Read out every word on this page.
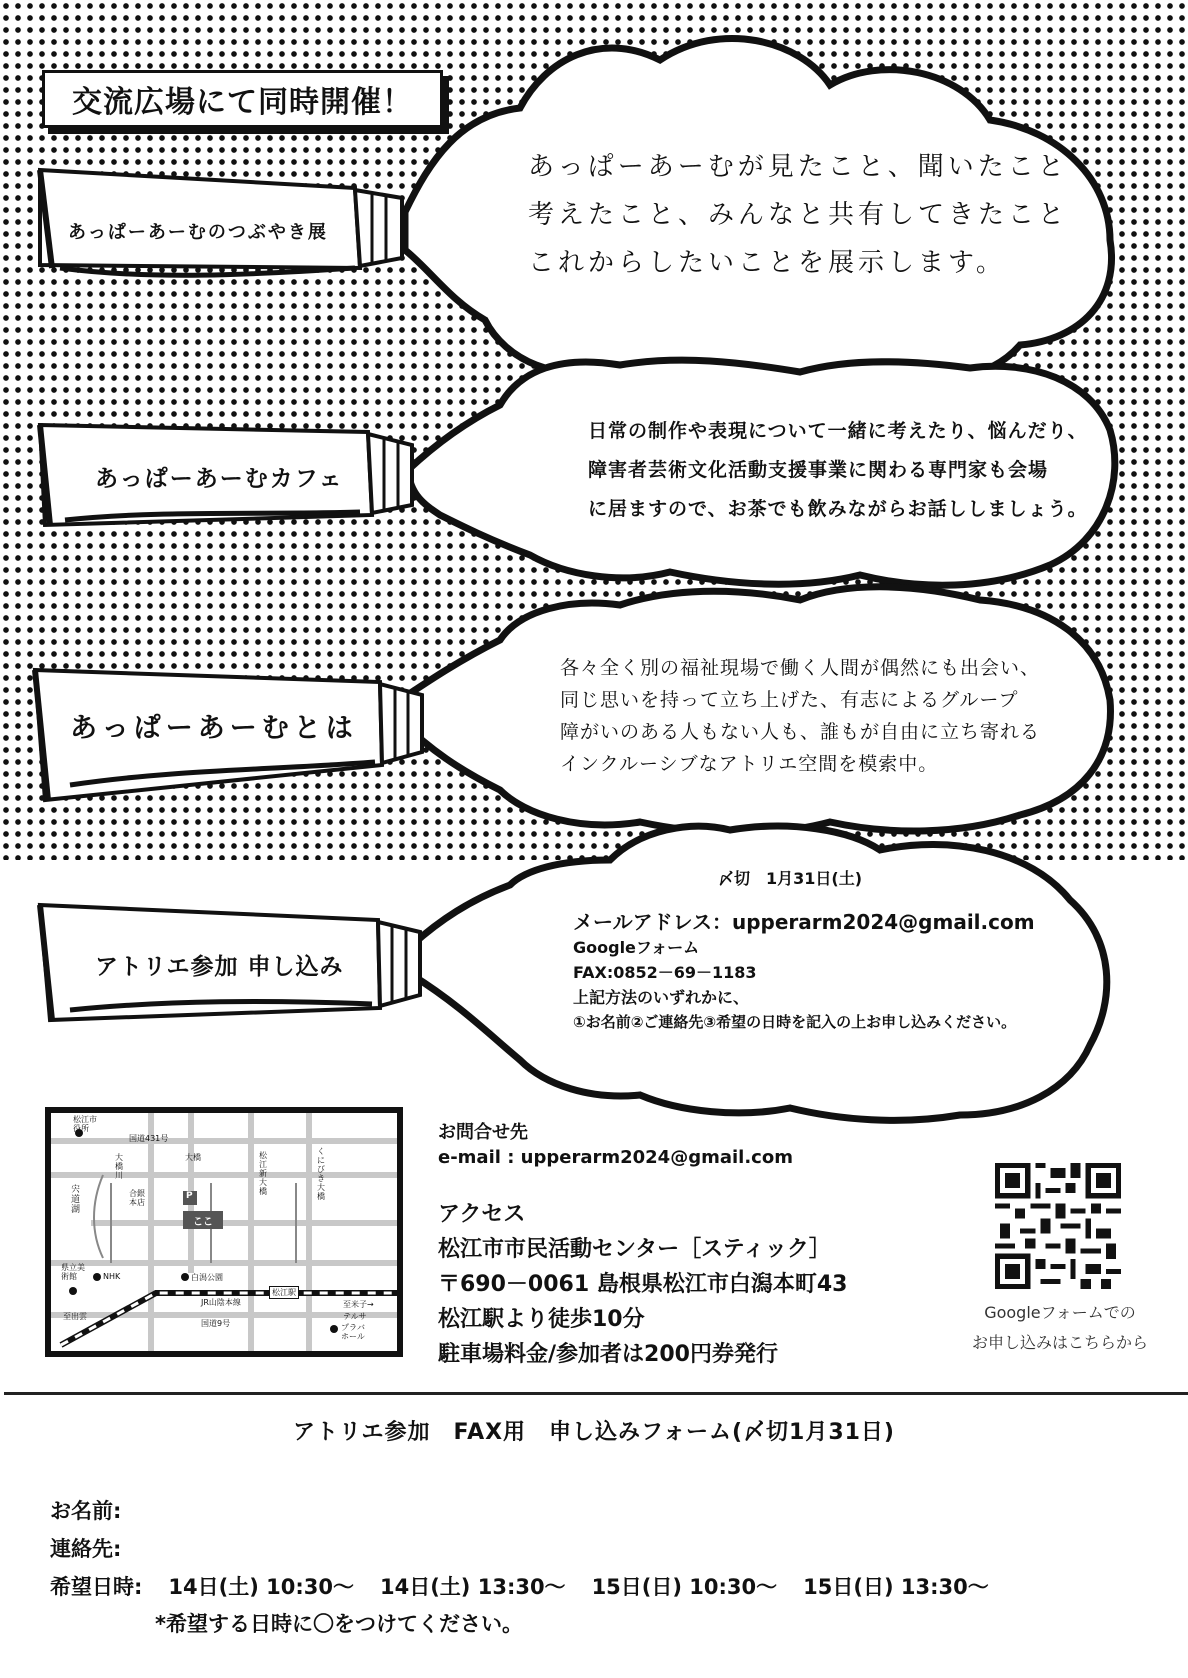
交流広場にて同時開催！
あっぱーあーむのつぶやき展
あっぱーあーむカフェ
あっぱーあーむとは
アトリエ参加 申し込み
あっぱーあーむが見たこと、聞いたこと
考えたこと、みんなと共有してきたこと
これからしたいことを展示します。
日常の制作や表現について一緒に考えたり、悩んだり、
障害者芸術文化活動支援事業に関わる専門家も会場
に居ますので、お茶でも飲みながらお話ししましょう。
各々全く別の福祉現場で働く人間が偶然にも出会い、
同じ思いを持って立ち上げた、有志によるグループ
障がいのある人もない人も、誰もが自由に立ち寄れる
インクルーシブなアトリエ空間を模索中。
〆切　1月31日(土)
メールアドレス：upperarm2024@gmail.com
Googleフォーム
FAX:0852－69－1183
上記方法のいずれかに、
①お名前②ご連絡先③希望の日時を記入の上お申し込みください。
松江市役所
国道431号
宍道湖
大橋川
大橋	松江新大橋
くにびき大橋
合銀本店
P
ここ
NHK	白潟公園
松江駅
JR山陰本線
県立美術館
国道9号
至出雲
至米子→
テルサ
プラバホール
お問合せ先
e-mail : upperarm2024@gmail.com
アクセス
松江市市民活動センター［スティック］
〒690－0061 島根県松江市白潟本町43
松江駅より徒歩10分
駐車場料金/参加者は200円券発行
Googleフォームでの
お申し込みはこちらから
アトリエ参加　FAX用　申し込みフォーム(〆切1月31日)
お名前:
連絡先:
希望日時: 14日(土) 10:30～ 14日(土) 13:30～ 15日(日) 10:30～ 15日(日) 13:30～
*希望する日時に〇をつけてください。
